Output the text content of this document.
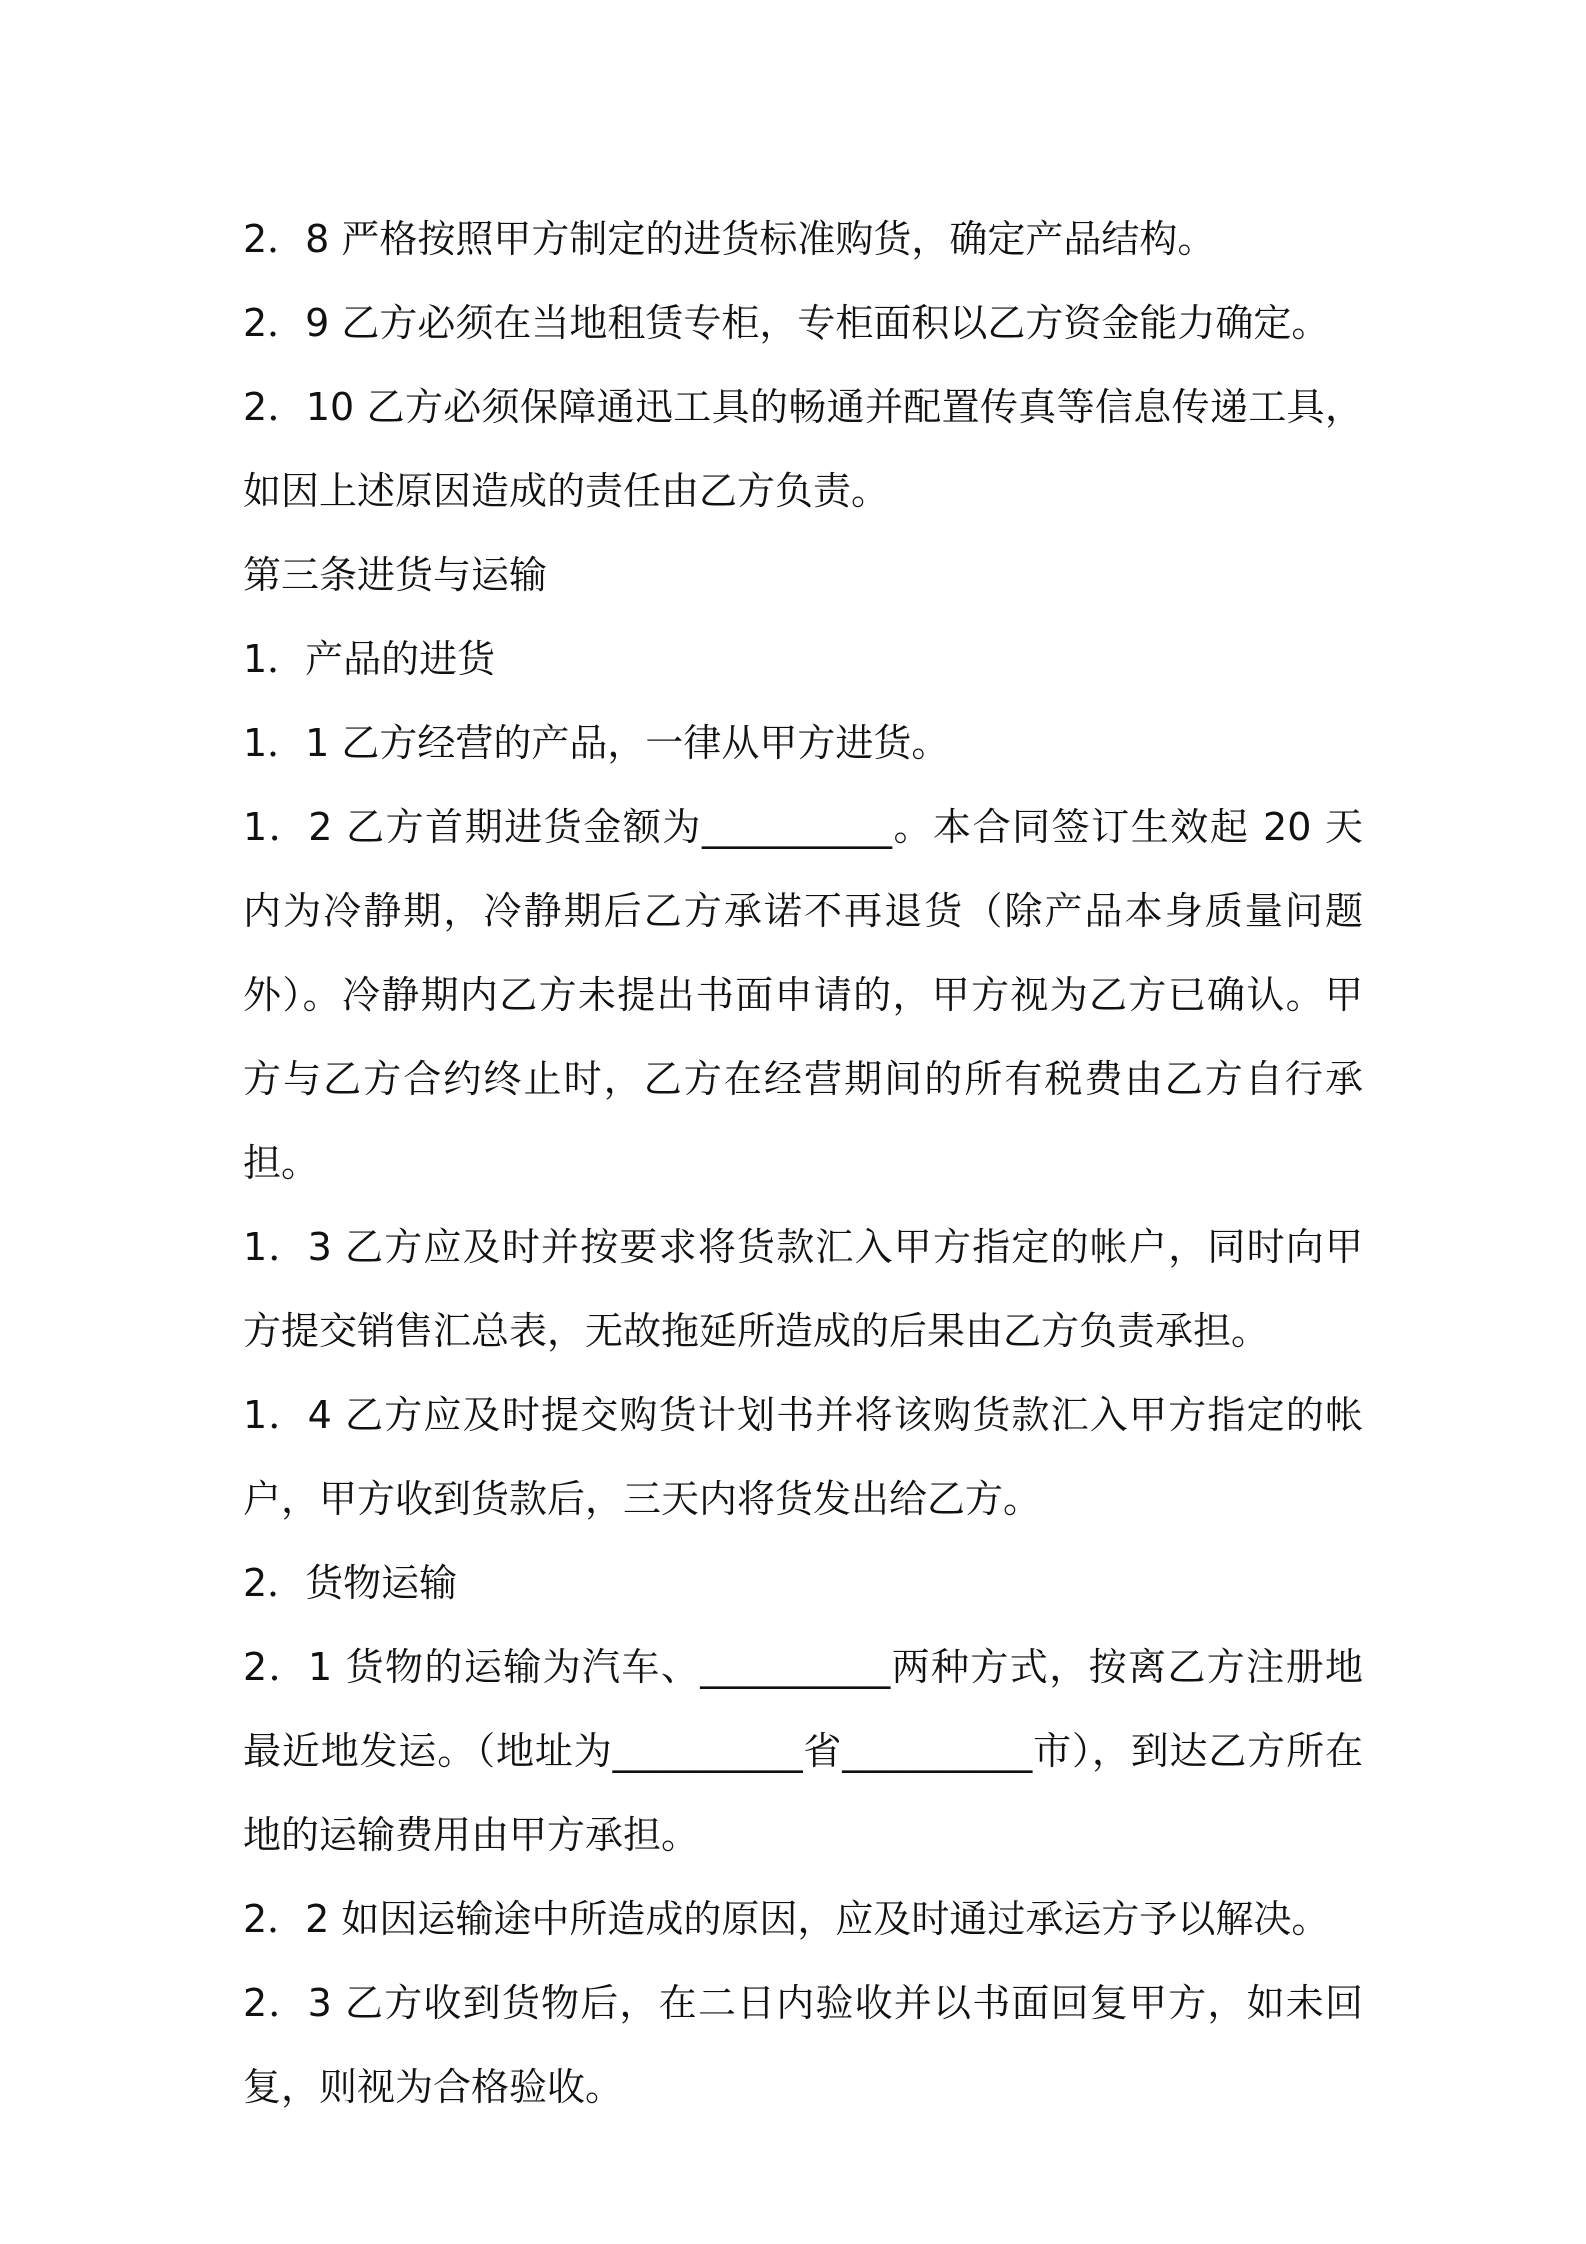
2．8 严格按照甲方制定的进货标准购货，确定产品结构。

2．9 乙方必须在当地租赁专柜，专柜面积以乙方资金能力确定。

2．10 乙方必须保障通迅工具的畅通并配置传真等信息传递工具，如因上述原因造成的责任由乙方负责。

第三条进货与运输

1．产品的进货

1．1 乙方经营的产品，一律从甲方进货。

1．2 乙方首期进货金额为__________。本合同签订生效起 20 天内为冷静期，冷静期后乙方承诺不再退货（除产品本身质量问题外）。冷静期内乙方未提出书面申请的，甲方视为乙方已确认。甲方与乙方合约终止时，乙方在经营期间的所有税费由乙方自行承担。

1．3 乙方应及时并按要求将货款汇入甲方指定的帐户，同时向甲方提交销售汇总表，无故拖延所造成的后果由乙方负责承担。

1．4 乙方应及时提交购货计划书并将该购货款汇入甲方指定的帐户，甲方收到货款后，三天内将货发出给乙方。

2．货物运输

2．1 货物的运输为汽车、__________两种方式，按离乙方注册地最近地发运。（地址为__________省__________市），到达乙方所在地的运输费用由甲方承担。

2．2 如因运输途中所造成的原因，应及时通过承运方予以解决。

2．3 乙方收到货物后，在二日内验收并以书面回复甲方，如未回复，则视为合格验收。
